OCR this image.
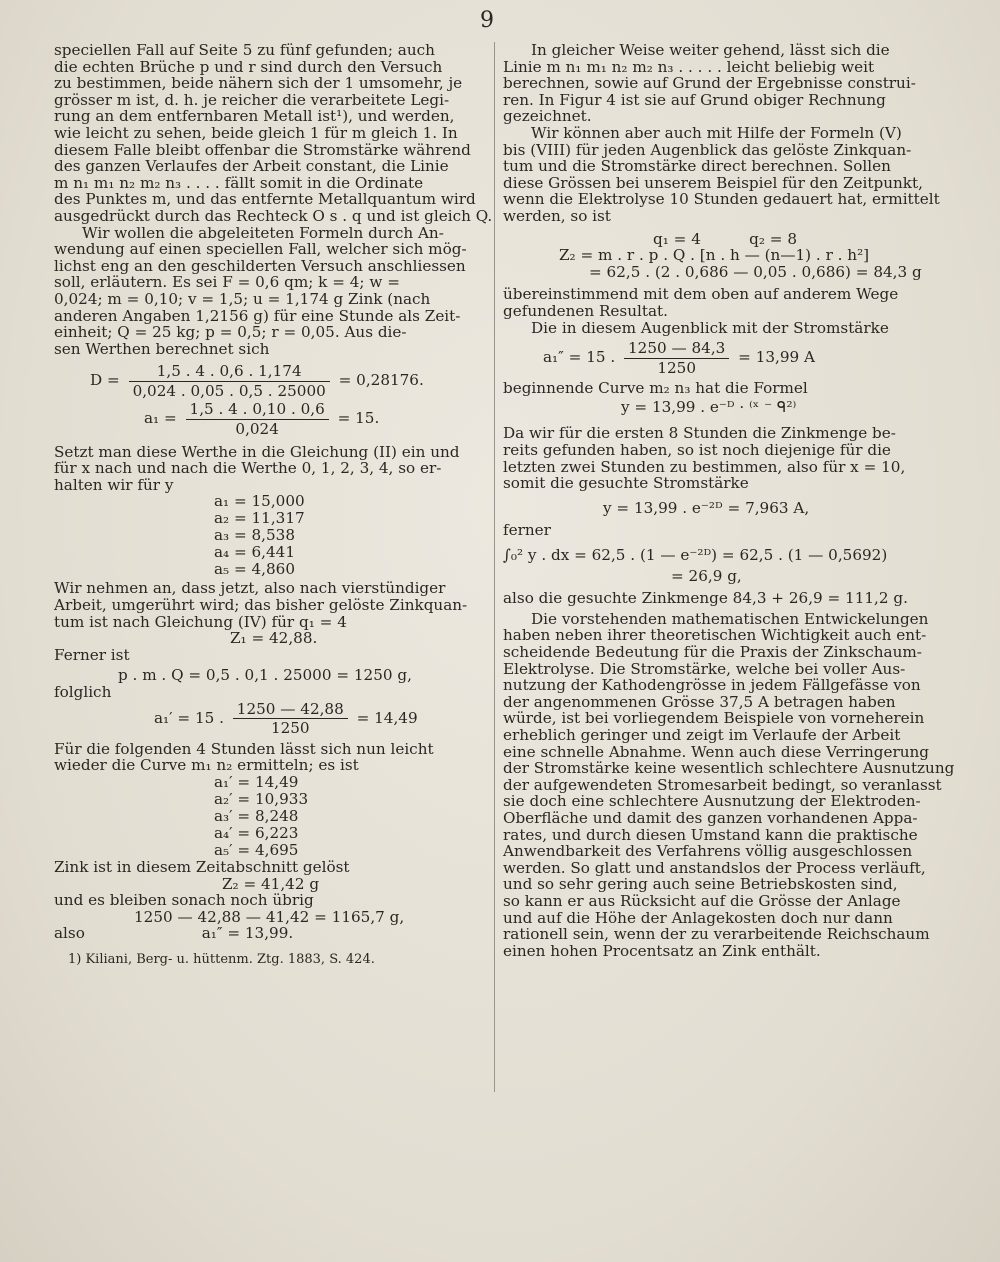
9
speciellen Fall auf Seite 5 zu fünf gefunden; auch
die echten Brüche p und r sind durch den Versuch
zu bestimmen, beide nähern sich der 1 umsomehr, je
grösser m ist, d. h. je reicher die verarbeitete Legi-
rung an dem entfernbaren Metall ist¹), und werden,
wie leicht zu sehen, beide gleich 1 für m gleich 1. In
diesem Falle bleibt offenbar die Stromstärke während
des ganzen Verlaufes der Arbeit constant, die Linie
m n₁ m₁ n₂ m₂ n₃ . . . . fällt somit in die Ordinate
des Punktes m, und das entfernte Metallquantum wird
ausgedrückt durch das Rechteck O s . q und ist gleich Q.
Wir wollen die abgeleiteten Formeln durch An-
wendung auf einen speciellen Fall, welcher sich mög-
lichst eng an den geschilderten Versuch anschliessen
soll, erläutern. Es sei F = 0,6 qm; k = 4; w =
0,024; m = 0,10; v = 1,5; u = 1,174 g Zink (nach
anderen Angaben 1,2156 g) für eine Stunde als Zeit-
einheit; Q = 25 kg; p = 0,5; r = 0,05. Aus die-
sen Werthen berechnet sich
$D = \frac{1,5 . 4 . 0,6 . 1,174}{0,024 . 0,05 . 0,5 . 25000} = 0,28176$.
$a_1 = \frac{1,5 . 4 . 0,10 . 0,6}{0,024} = 15$.
Setzt man diese Werthe in die Gleichung (II) ein und
für x nach und nach die Werthe 0, 1, 2, 3, 4, so er-
halten wir für y
a₁ = 15,000
a₂ = 11,317
a₃ = 8,538
a₄ = 6,441
a₅ = 4,860
Wir nehmen an, dass jetzt, also nach vierstündiger
Arbeit, umgerührt wird; das bisher gelöste Zinkquan-
tum ist nach Gleichung (IV) für q₁ = 4
Z₁ = 42,88.
Ferner ist
p . m . Q = 0,5 . 0,1 . 25000 = 1250 g,
folglich
a₁′ = 15 . $\frac{1250 — 42,88}{1250} = 14,49$
Für die folgenden 4 Stunden lässt sich nun leicht
wieder die Curve m₁ n₂ ermitteln; es ist
a₁′ = 14,49
a₂′ = 10,933
a₃′ = 8,248
a₄′ = 6,223
a₅′ = 4,695
Zink ist in diesem Zeitabschnitt gelöst
Z₂ = 41,42 g
und es bleiben sonach noch übrig
1250 — 42,88 — 41,42 = 1165,7 g,
also	a₁″ = 13,99.
1) Kiliani, Berg- u. hüttenm. Ztg. 1883, S. 424.
In gleicher Weise weiter gehend, lässt sich die
Linie m n₁ m₁ n₂ m₂ n₃ . . . . . leicht beliebig weit
berechnen, sowie auf Grund der Ergebnisse construi-
ren. In Figur 4 ist sie auf Grund obiger Rechnung
gezeichnet.
Wir können aber auch mit Hilfe der Formeln (V)
bis (VIII) für jeden Augenblick das gelöste Zinkquan-
tum und die Stromstärke direct berechnen. Sollen
diese Grössen bei unserem Beispiel für den Zeitpunkt,
wenn die Elektrolyse 10 Stunden gedauert hat, ermittelt
werden, so ist
q₁ = 4          q₂ = 8
Z₂ = m . r . p . Q . [n . h — (n—1) . r . h²]
= 62,5 . (2 . 0,686 — 0,05 . 0,686) = 84,3 g
übereinstimmend mit dem oben auf anderem Wege
gefundenen Resultat.
Die in diesem Augenblick mit der Stromstärke
a₁″ = 15 . $\frac{1250 — 84,3}{1250} = 13,99$ A
beginnende Curve m₂ n₃ hat die Formel
y = 13,99 . e⁻ᴰ · ⁽ˣ ⁻ ᑫ²⁾
Da wir für die ersten 8 Stunden die Zinkmenge be-
reits gefunden haben, so ist noch diejenige für die
letzten zwei Stunden zu bestimmen, also für x = 10,
somit die gesuchte Stromstärke
y = 13,99 . e⁻²ᴰ = 7,963 A,
ferner
∫₀² y . dx = 62,5 . (1 — e⁻²ᴰ) = 62,5 . (1 — 0,5692)
= 26,9 g,
also die gesuchte Zinkmenge 84,3 + 26,9 = 111,2 g.
Die vorstehenden mathematischen Entwickelungen
haben neben ihrer theoretischen Wichtigkeit auch ent-
scheidende Bedeutung für die Praxis der Zinkschaum-
Elektrolyse. Die Stromstärke, welche bei voller Aus-
nutzung der Kathodengrösse in jedem Fällgefässe von
der angenommenen Grösse 37,5 A betragen haben
würde, ist bei vorliegendem Beispiele von vorneherein
erheblich geringer und zeigt im Verlaufe der Arbeit
eine schnelle Abnahme. Wenn auch diese Verringerung
der Stromstärke keine wesentlich schlechtere Ausnutzung
der aufgewendeten Stromesarbeit bedingt, so veranlasst
sie doch eine schlechtere Ausnutzung der Elektroden-
Oberfläche und damit des ganzen vorhandenen Appa-
rates, und durch diesen Umstand kann die praktische
Anwendbarkeit des Verfahrens völlig ausgeschlossen
werden. So glatt und anstandslos der Process verläuft,
und so sehr gering auch seine Betriebskosten sind,
so kann er aus Rücksicht auf die Grösse der Anlage
und auf die Höhe der Anlagekosten doch nur dann
rationell sein, wenn der zu verarbeitende Reichschaum
einen hohen Procentsatz an Zink enthält.
